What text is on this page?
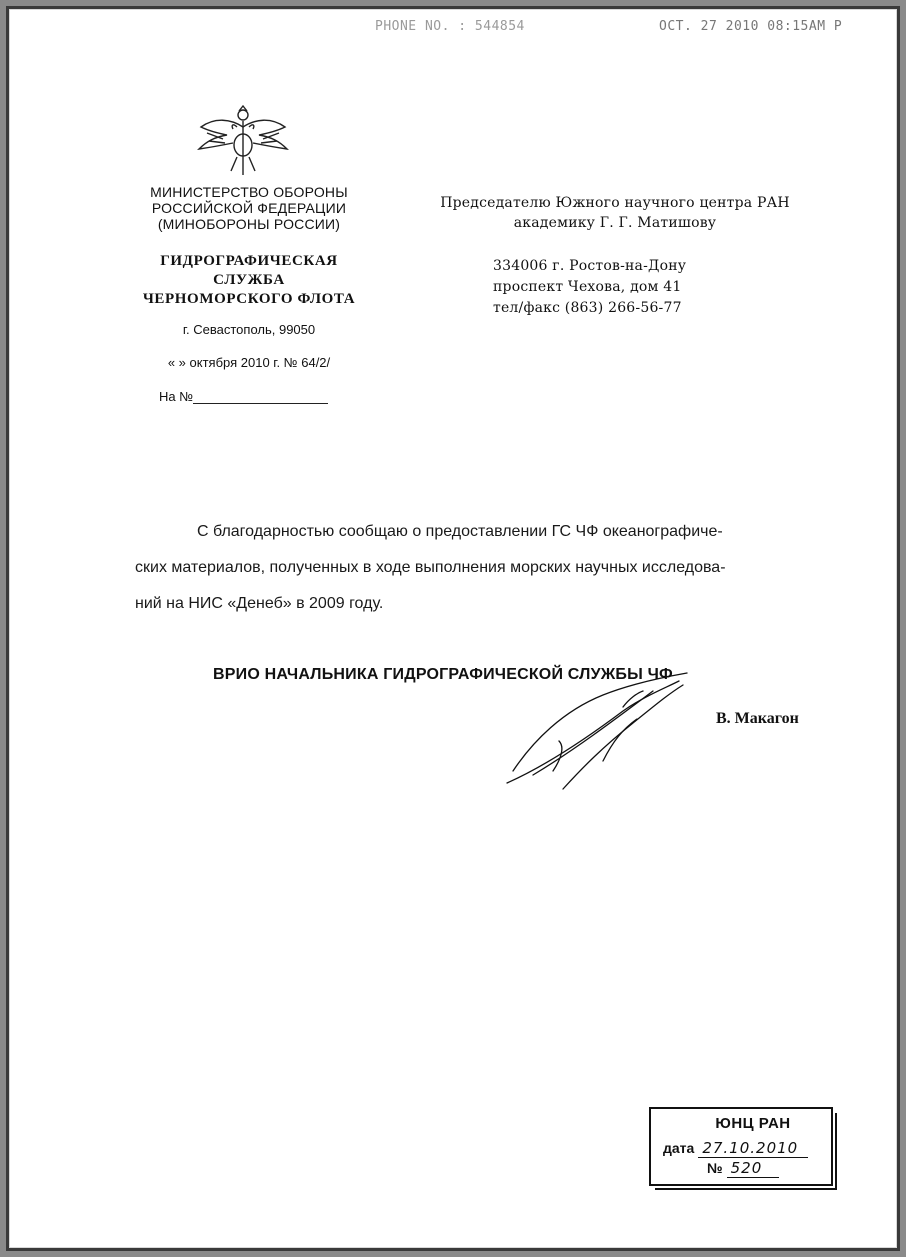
PHONE NO. : 544854	OCT. 27 2010 08:15AM P
МИНИСТЕРСТВО ОБОРОНЫ
РОССИЙСКОЙ ФЕДЕРАЦИИ
(МИНОБОРОНЫ РОССИИ)
ГИДРОГРАФИЧЕСКАЯ
СЛУЖБА
ЧЕРНОМОРСКОГО ФЛОТА
г. Севастополь, 99050
« » октября 2010 г. № 64/2/
На №
Председателю Южного научного центра РАН
академику Г. Г. Матишову
334006 г. Ростов-на-Дону
проспект Чехова, дом 41
тел/факс (863) 266-56-77
С благодарностью сообщаю о предоставлении ГС ЧФ океанографиче-
ских материалов, полученных в ходе выполнения морских научных исследова-
ний на НИС «Денеб» в 2009 году.
ВРИО НАЧАЛЬНИКА ГИДРОГРАФИЧЕСКОЙ СЛУЖБЫ ЧФ
В. Макагон
ЮНЦ РАН
дата 27.10.2010
№ 520
